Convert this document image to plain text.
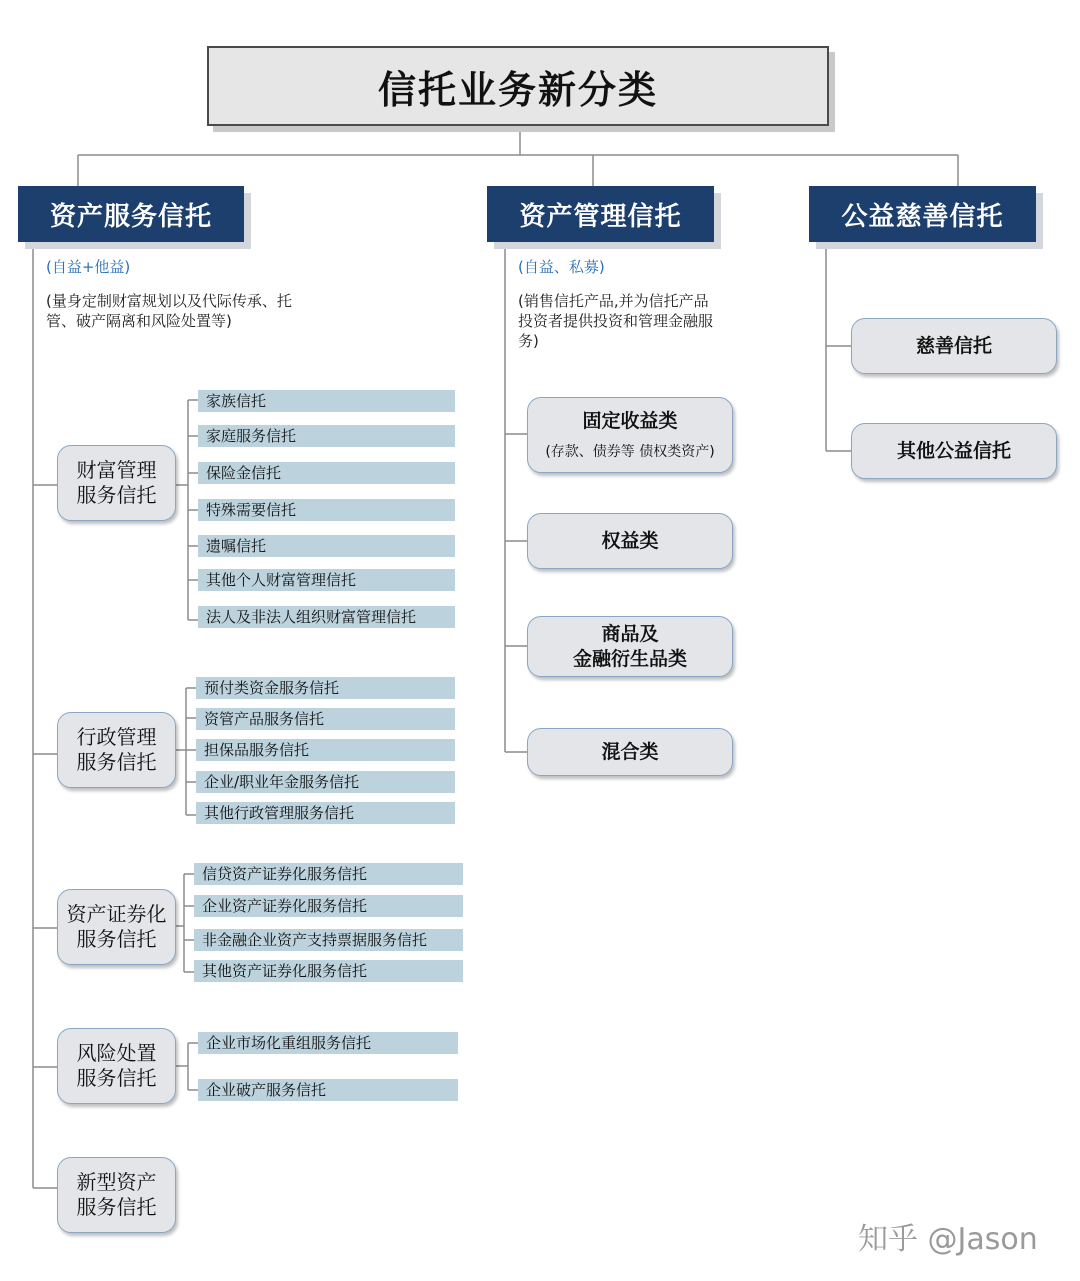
信托业务新分类
资产服务信托	资产管理信托	公益慈善信托
(自益+他益)
(量身定制财富规划以及代际传承、托管、破产隔离和风险处置等)
(自益、私募)
(销售信托产品,并为信托产品投资者提供投资和管理金融服务)
财富管理
服务信托
行政管理
服务信托
资产证券化
服务信托
风险处置
服务信托
新型资产
服务信托
家族信托
家庭服务信托
保险金信托
特殊需要信托
遗嘱信托
其他个人财富管理信托
法人及非法人组织财富管理信托
预付类资金服务信托
资管产品服务信托
担保品服务信托
企业/职业年金服务信托
其他行政管理服务信托
信贷资产证券化服务信托
企业资产证券化服务信托
非金融企业资产支持票据服务信托
其他资产证券化服务信托
企业市场化重组服务信托
企业破产服务信托
固定收益类
(存款、债券等 债权类资产)
权益类
商品及
金融衍生品类
混合类
慈善信托
其他公益信托
知乎 @Jason
